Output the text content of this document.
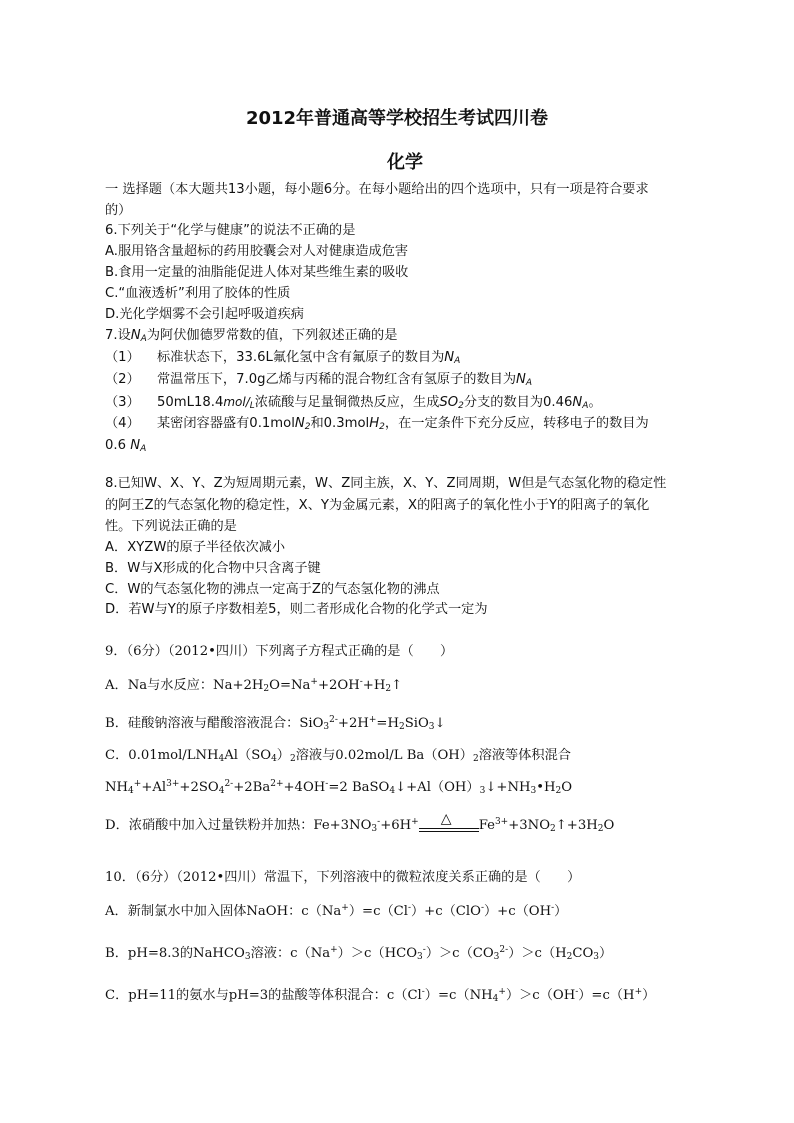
2012年普通高等学校招生考试四川卷
化学
一 选择题（本大题共13小题，每小题6分。在每小题给出的四个选项中，只有一项是符合要求
的）
6.下列关于“化学与健康”的说法不正确的是
A.服用铬含量超标的药用胶囊会对人对健康造成危害
B.食用一定量的油脂能促进人体对某些维生素的吸收
C.“血液透析”利用了胶体的性质
D.光化学烟雾不会引起呼吸道疾病
7.设$N_A$为阿伏伽德罗常数的值，下列叙述正确的是
（1） 标准状态下，33.6L氟化氢中含有氟原子的数目为$N_A$
（2） 常温常压下，7.0g乙烯与丙稀的混合物红含有氢原子的数目为$N_A$
（3） $50mL18.4mol/_L$浓硫酸与足量铜微热反应，生成$SO_2$分支的数目为$0.46N_A$。
（4） 某密闭容器盛有0.1molN$_2$和0.3molH$_2$，在一定条件下充分反应，转移电子的数目为
0.6 $N_A$
8.已知W、X、Y、Z为短周期元素，W、Z同主族，X、Y、Z同周期，W但是气态氢化物的稳定性
的阿王Z的气态氢化物的稳定性，X、Y为金属元素，X的阳离子的氧化性小于Y的阳离子的氧化
性。下列说法正确的是
A．XYZW的原子半径依次减小
B．W与X形成的化合物中只含离子键
C．W的气态氢化物的沸点一定高于Z的气态氢化物的沸点
D．若W与Y的原子序数相差5，则二者形成化合物的化学式一定为
9．（6分）（2012•四川）下列离子方程式正确的是（　　）
A．Na与水反应：$Na+2H_2O=Na^++2OH^-+H_2↑$
B．硅酸钠溶液与醋酸溶液混合：$SiO_3^{2-}+2H^+=H_2SiO_3↓$
C．$0.01mol/LNH_4Al(SO_4)_2$溶液与0.02mol/L $Ba(OH)_2$溶液等体积混合
$NH_4^++Al^{3+}+2SO_4^{2-}+2Ba^{2+}+4OH^-=2$ $BaSO_4↓+Al(OH)_3↓+NH_3•H_2O$
D．浓硝酸中加入过量铁粉并加热：$Fe+3NO_3^-+6H^+$ △ $Fe^{3+}+3NO_2↑+3H_2O$
10．（6分）（2012•四川）常温下，下列溶液中的微粒浓度关系正确的是（　　）
A．新制氯水中加入固体NaOH：c（Na+）=c（Cl-）+c（ClO-）+c（OH-）
B．pH=8.3的NaHCO$_3$溶液：$c(Na^+)>c(HCO_3^-)>c(CO_3^{2-})>c(H_2CO_3)$
C．pH=11的氨水与pH=3的盐酸等体积混合：$c(Cl^-)=c(NH_4^+)>c(OH^-)=c(H^+)$
